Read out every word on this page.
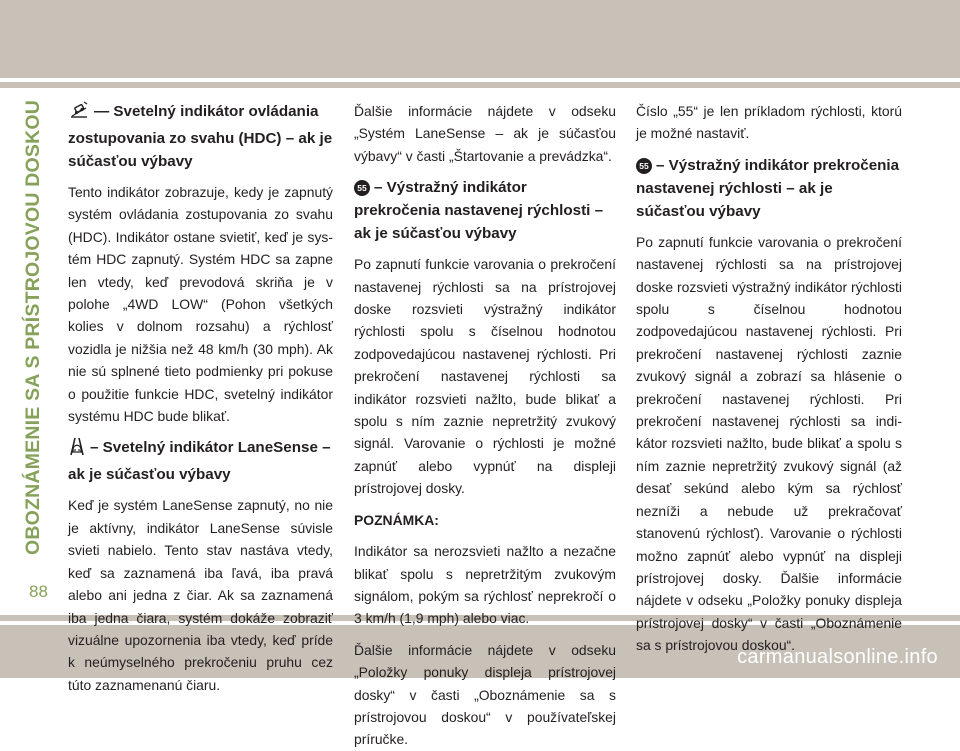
OBOZNÁMENIE SA S PRÍSTROJOVOU DOSKOU
88
carmanualsonline.info
— Svetelný indikátor ovládania zostupovania zo svahu (HDC) – ak je súčasťou výbavy

Tento indikátor zobrazuje, kedy je zapnutý systém ovládania zostupovania zo svahu (HDC). Indikátor ostane svietiť, keď je systém HDC zapnutý. Systém HDC sa zapne len vtedy, keď prevodová skriňa je v polohe „4WD LOW“ (Pohon všetkých kolies v dolnom rozsahu) a rýchlosť vozidla je nižšia než 48 km/h (30 mph). Ak nie sú splnené tieto podmienky pri pokuse o použitie funkcie HDC, svetelný indikátor systému HDC bude blikať.

– Svetelný indikátor LaneSense – ak je súčasťou výbavy

Keď je systém LaneSense zapnutý, no nie je aktívny, indikátor LaneSense súvisle svieti nabielo. Tento stav nastáva vtedy, keď sa zaznamená iba ľavá, iba pravá alebo ani jedna z čiar. Ak sa zaznamená iba jedna čiara, systém dokáže zobraziť vizuálne upozornenia iba vtedy, keď príde k neúmyselného prekročeniu pruhu cez túto zaznamenanú čiaru.

Ďalšie informácie nájdete v odseku „Systém LaneSense – ak je súčasťou výbavy“ v časti „Štartovanie a prevádzka“.

55 – Výstražný indikátor prekročenia nastavenej rýchlosti – ak je súčasťou výbavy

Po zapnutí funkcie varovania o prekročení nastavenej rýchlosti sa na prístrojovej doske rozsvieti výstražný indikátor rýchlosti spolu s číselnou hodnotou zodpovedajúcou nastavenej rýchlosti. Pri prekročení nastavenej rýchlosti sa indikátor rozsvieti nažlto, bude blikať a spolu s ním zaznie nepretržitý zvukový signál. Varovanie o rýchlosti je možné zapnúť alebo vypnúť na displeji prístrojovej dosky.

POZNÁMKA:

Indikátor sa nerozsvieti nažlto a nezačne blikať spolu s nepretržitým zvukovým signálom, pokým sa rýchlosť neprekročí o 3 km/h (1,9 mph) alebo viac.

Ďalšie informácie nájdete v odseku „Položky ponuky displeja prístrojovej dosky“ v časti „Oboznámenie sa s prístrojovou doskou“ v používateľskej príručke.

Číslo „55“ je len príkladom rýchlosti, ktorú je možné nastaviť.

55 – Výstražný indikátor prekročenia nastavenej rýchlosti – ak je súčasťou výbavy

Po zapnutí funkcie varovania o prekročení nastavenej rýchlosti sa na prístrojovej doske rozsvieti výstražný indikátor rýchlosti spolu s číselnou hodnotou zodpovedajúcou nastavenej rýchlosti. Pri prekročení nastavenej rýchlosti zaznie zvukový signál a zobrazí sa hlásenie o prekročení nastavenej rýchlosti. Pri prekročení nastavenej rýchlosti sa indikátor rozsvieti nažlto, bude blikať a spolu s ním zaznie nepretržitý zvukový signál (až desať sekúnd alebo kým sa rýchlosť nezníži a nebude už prekračovať stanovenú rýchlosť). Varovanie o rýchlosti možno zapnúť alebo vypnúť na displeji prístrojovej dosky. Ďalšie informácie nájdete v odseku „Položky ponuky displeja prístrojovej dosky“ v časti „Oboznámenie sa s prístrojovou doskou“.
